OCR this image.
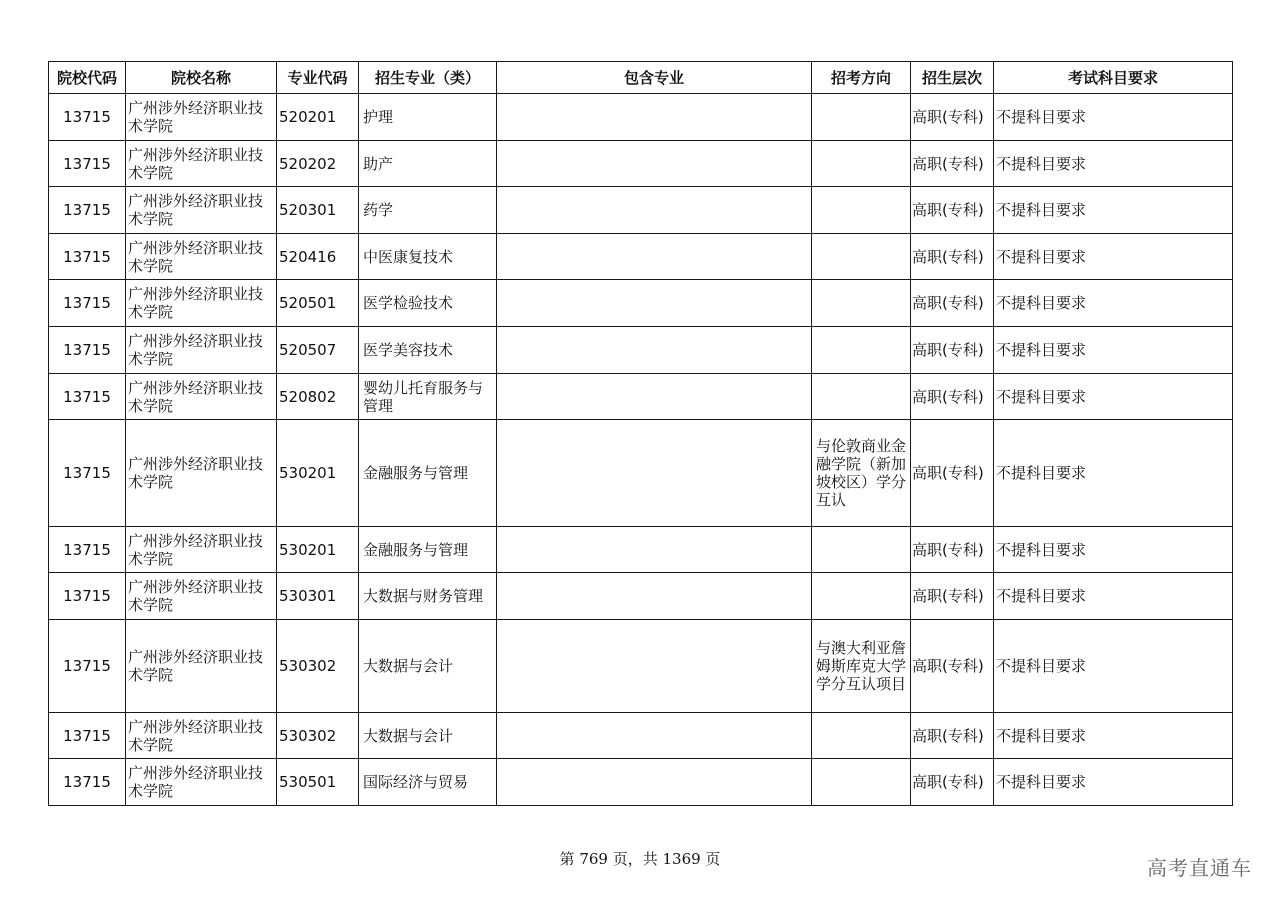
院校代码	院校名称	专业代码	招生专业（类）	包含专业	招考方向	招生层次	考试科目要求
13715	广州涉外经济职业技术学院	520201	护理			高职(专科)	不提科目要求
13715	广州涉外经济职业技术学院	520202	助产			高职(专科)	不提科目要求
13715	广州涉外经济职业技术学院	520301	药学			高职(专科)	不提科目要求
13715	广州涉外经济职业技术学院	520416	中医康复技术			高职(专科)	不提科目要求
13715	广州涉外经济职业技术学院	520501	医学检验技术			高职(专科)	不提科目要求
13715	广州涉外经济职业技术学院	520507	医学美容技术			高职(专科)	不提科目要求
13715	广州涉外经济职业技术学院	520802	婴幼儿托育服务与管理			高职(专科)	不提科目要求
13715	广州涉外经济职业技术学院	530201	金融服务与管理		与伦敦商业金融学院（新加坡校区）学分互认	高职(专科)	不提科目要求
13715	广州涉外经济职业技术学院	530201	金融服务与管理			高职(专科)	不提科目要求
13715	广州涉外经济职业技术学院	530301	大数据与财务管理			高职(专科)	不提科目要求
13715	广州涉外经济职业技术学院	530302	大数据与会计		与澳大利亚詹姆斯库克大学学分互认项目	高职(专科)	不提科目要求
13715	广州涉外经济职业技术学院	530302	大数据与会计			高职(专科)	不提科目要求
13715	广州涉外经济职业技术学院	530501	国际经济与贸易			高职(专科)	不提科目要求
第 769 页，共 1369 页	高考直通车
